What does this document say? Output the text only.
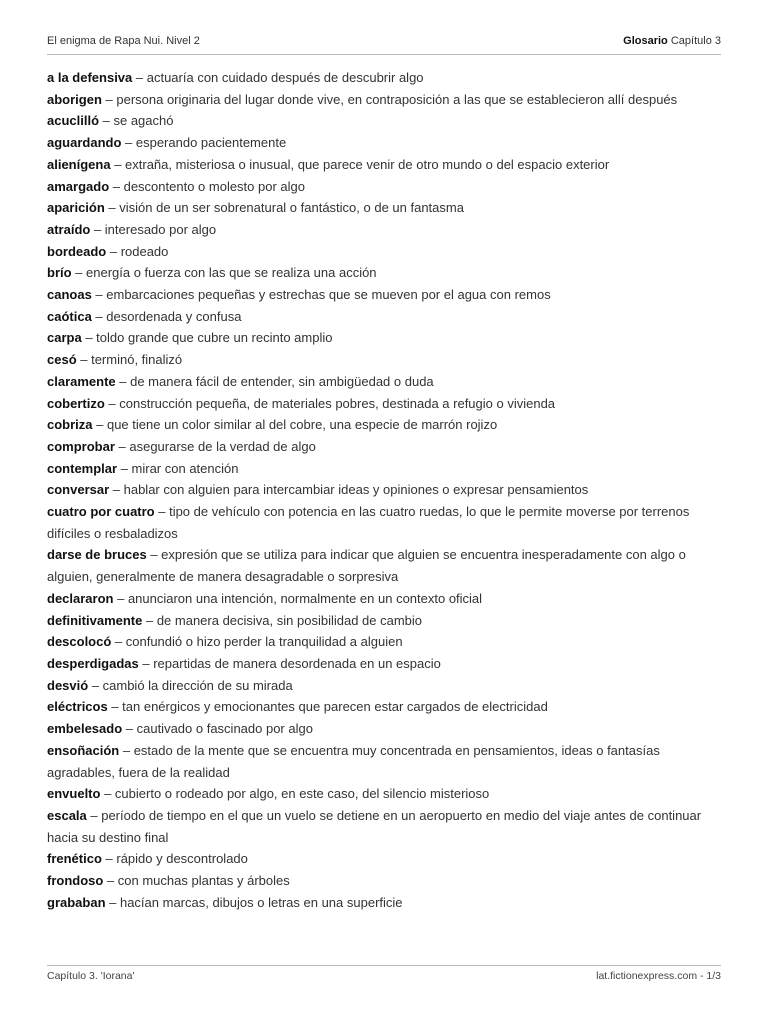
El enigma de Rapa Nui. Nivel 2	Glosario Capítulo 3

a la defensiva – actuaría con cuidado después de descubrir algo

aborigen – persona originaria del lugar donde vive, en contraposición a las que se establecieron allí después

acuclilló – se agachó

aguardando – esperando pacientemente

alienígena – extraña, misteriosa o inusual, que parece venir de otro mundo o del espacio exterior

amargado – descontento o molesto por algo

aparición – visión de un ser sobrenatural o fantástico, o de un fantasma

atraído – interesado por algo

bordeado – rodeado

brío – energía o fuerza con las que se realiza una acción

canoas – embarcaciones pequeñas y estrechas que se mueven por el agua con remos

caótica – desordenada y confusa

carpa – toldo grande que cubre un recinto amplio

cesó – terminó, finalizó

claramente – de manera fácil de entender, sin ambigüedad o duda

cobertizo – construcción pequeña, de materiales pobres, destinada a refugio o vivienda

cobriza – que tiene un color similar al del cobre, una especie de marrón rojizo

comprobar – asegurarse de la verdad de algo

contemplar – mirar con atención

conversar – hablar con alguien para intercambiar ideas y opiniones o expresar pensamientos

cuatro por cuatro – tipo de vehículo con potencia en las cuatro ruedas, lo que le permite moverse por terrenos difíciles o resbaladizos

darse de bruces – expresión que se utiliza para indicar que alguien se encuentra inesperadamente con algo o alguien, generalmente de manera desagradable o sorpresiva

declararon – anunciaron una intención, normalmente en un contexto oficial

definitivamente – de manera decisiva, sin posibilidad de cambio

descolocó – confundió o hizo perder la tranquilidad a alguien

desperdigadas – repartidas de manera desordenada en un espacio

desvió – cambió la dirección de su mirada

eléctricos – tan enérgicos y emocionantes que parecen estar cargados de electricidad

embelesado – cautivado o fascinado por algo

ensoñación – estado de la mente que se encuentra muy concentrada en pensamientos, ideas o fantasías agradables, fuera de la realidad

envuelto – cubierto o rodeado por algo, en este caso, del silencio misterioso

escala – período de tiempo en el que un vuelo se detiene en un aeropuerto en medio del viaje antes de continuar hacia su destino final

frenético – rápido y descontrolado

frondoso – con muchas plantas y árboles

grababan – hacían marcas, dibujos o letras en una superficie

Capítulo 3. 'Iorana'	lat.fictionexpress.com - 1/3
